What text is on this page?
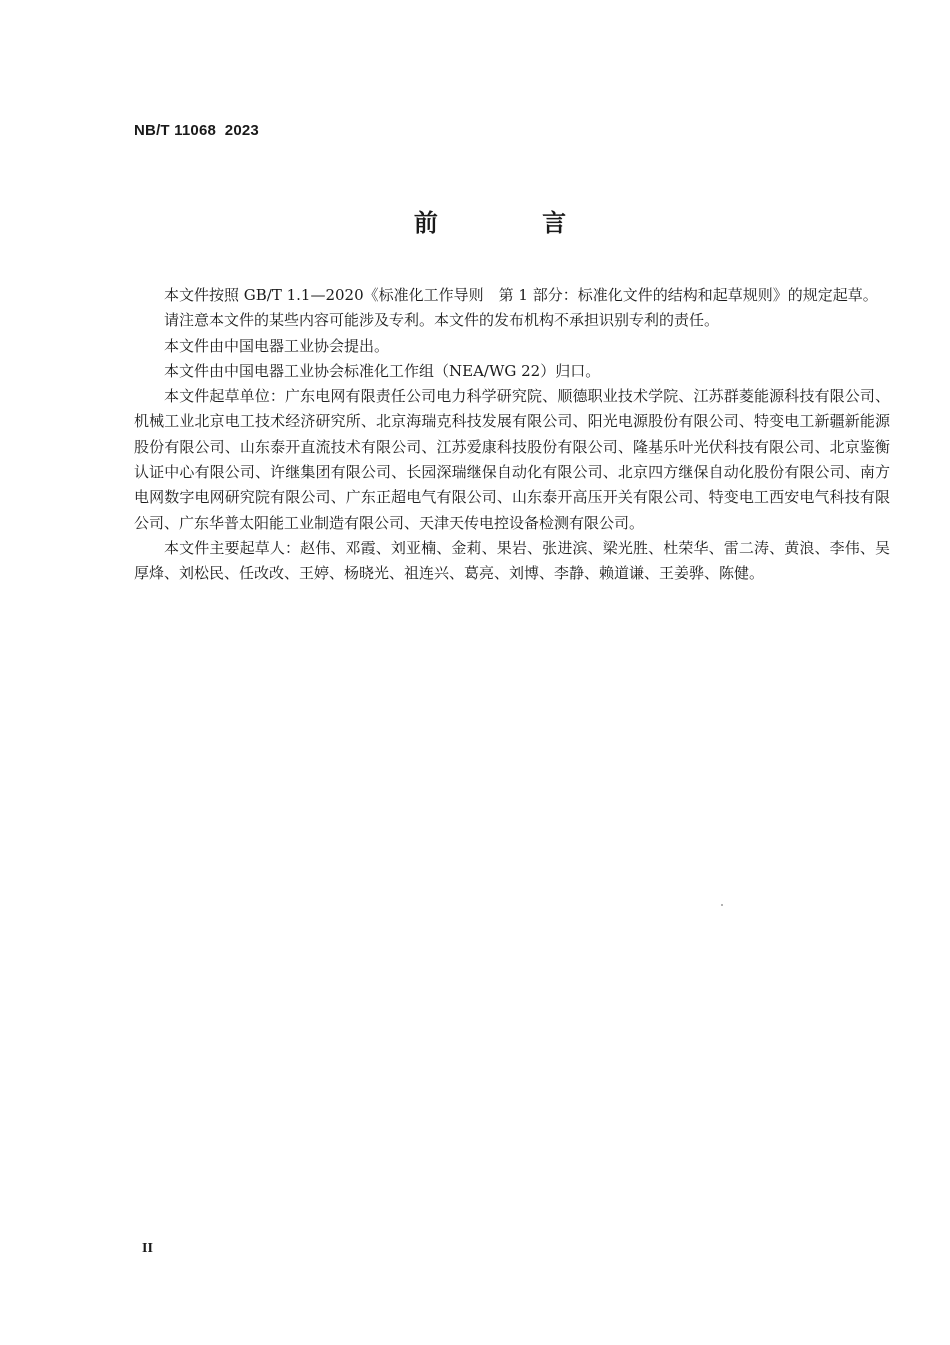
NB/T 11068  2023
前 言

本文件按照 GB/T 1.1—2020《标准化工作导则　第 1 部分：标准化文件的结构和起草规则》的规定起草。

请注意本文件的某些内容可能涉及专利。本文件的发布机构不承担识别专利的责任。

本文件由中国电器工业协会提出。

本文件由中国电器工业协会标准化工作组（NEA/WG 22）归口。

本文件起草单位：广东电网有限责任公司电力科学研究院、顺德职业技术学院、江苏群菱能源科技有限公司、机械工业北京电工技术经济研究所、北京海瑞克科技发展有限公司、阳光电源股份有限公司、特变电工新疆新能源股份有限公司、山东泰开直流技术有限公司、江苏爱康科技股份有限公司、隆基乐叶光伏科技有限公司、北京鉴衡认证中心有限公司、许继集团有限公司、长园深瑞继保自动化有限公司、北京四方继保自动化股份有限公司、南方电网数字电网研究院有限公司、广东正超电气有限公司、山东泰开高压开关有限公司、特变电工西安电气科技有限公司、广东华普太阳能工业制造有限公司、天津天传电控设备检测有限公司。

本文件主要起草人：赵伟、邓霞、刘亚楠、金莉、果岩、张进滨、梁光胜、杜荣华、雷二涛、黄浪、李伟、吴厚烽、刘松民、任改改、王婷、杨晓光、祖连兴、葛亮、刘博、李静、赖道谦、王姜骅、陈健。

II
